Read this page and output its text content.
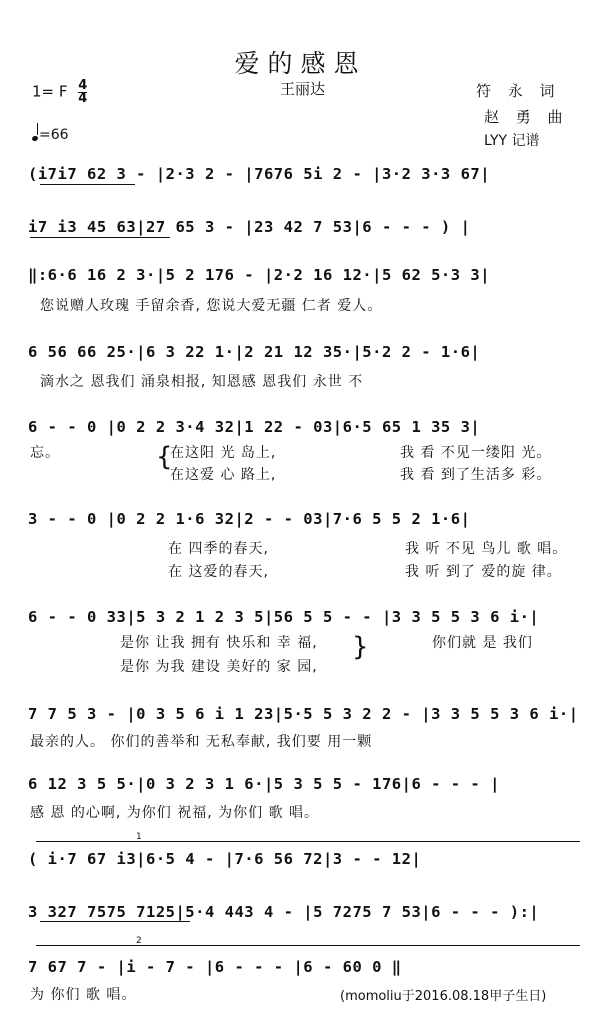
爱的感恩
1= F $\frac{4}{4}$	王丽达	符 永 词
赵 勇 曲
LYY 记谱
=66
(i7i7 62 3 - |2·3 2 - |7676 5i 2 - |3·2 3·3 67|
i7 i3 45 63|27 65 3 - |23 42 7 53|6 - - - ) |
‖:6·6 16 2 3·|5 2 176 - |2·2 16 12·|5 62 5·3 3|
您说赠人玫瑰 手留余香, 您说大爱无疆 仁者 爱人。
6 56 66 25·|6 3 22 1·|2 21 12 35·|5·2 2 - 1·6|
滴水之 恩我们 涌泉相报, 知恩感 恩我们 永世 不
6 - - 0 |0 2 2 3·4 32|1 22 - 03|6·5 65 1 35 3|
忘。	{
在这阳 光 岛上,
在这爱 心 路上,
我 看 不见一缕阳 光。
我 看 到了生活多 彩。
3 - - 0 |0 2 2 1·6 32|2 - - 03|7·6 5 5 2 1·6|
在 四季的春天,
在 这爱的春天,
我 听 不见 鸟儿 歌 唱。
我 听 到了 爱的旋 律。
6 - - 0 33|5 3 2 1 2 3 5|56 5 5 - - |3 3 5 5 3 6 i·|
是你 让我 拥有 快乐和 幸 福,
是你 为我 建设 美好的 家 园,
}	你们就 是 我们
7 7 5 3 - |0 3 5 6 i 1 23|5·5 5 3 2 2 - |3 3 5 5 3 6 i·|
最亲的人。 你们的善举和 无私奉献, 我们要 用一颗
6 12 3 5 5·|0 3 2 3 1 6·|5 3 5 5 - 176|6 - - - |
感 恩 的心啊, 为你们 祝福, 为你们 歌 唱。
1
( i·7 67 i3|6·5 4 - |7·6 56 72|3 - - 12|
3 327 7575 7125|5·4 443 4 - |5 7275 7 53|6 - - - ):|
2
7 67 7 - |i - 7 - |6 - - - |6 - 60 0 ‖
为 你们 歌 唱。	(momoliu于2016.08.18甲子生日)
